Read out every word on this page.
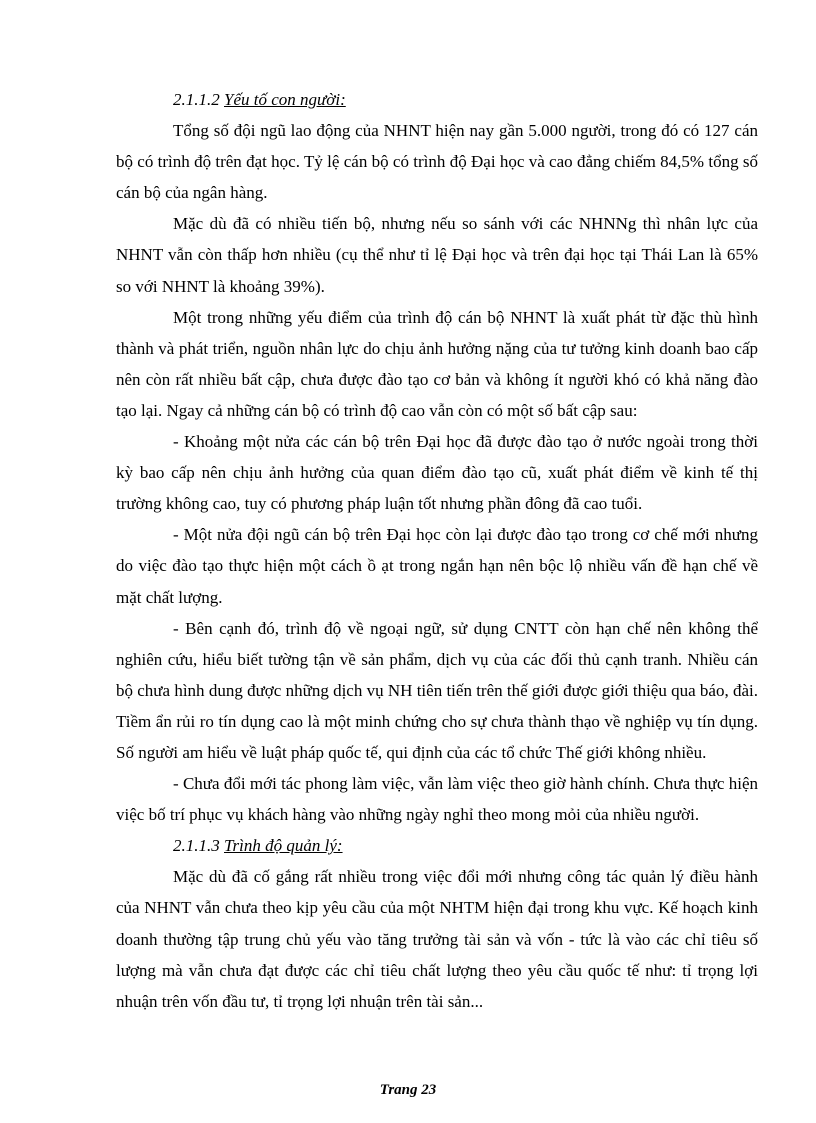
2.1.1.2 Yếu tố con người:

Tổng số đội ngũ lao động của NHNT hiện nay gần 5.000 người, trong đó có 127 cán bộ có trình độ trên đạt học. Tỷ lệ cán bộ có trình độ Đại học và cao đẳng chiếm 84,5% tổng số cán bộ của ngân hàng.

Mặc dù đã có nhiều tiến bộ, nhưng nếu so sánh với các NHNNg thì nhân lực của NHNT vẫn còn thấp hơn nhiều (cụ thể như tỉ lệ Đại học và trên đại học tại Thái Lan là 65% so với NHNT là khoảng 39%).

Một trong những yếu điểm của trình độ cán bộ NHNT là xuất phát từ đặc thù hình thành và phát triển, nguồn nhân lực do chịu ảnh hưởng nặng của tư tưởng kinh doanh bao cấp nên còn rất nhiều bất cập, chưa được đào tạo cơ bản và không ít người khó có khả năng đào tạo lại. Ngay cả những cán bộ có trình độ cao vẫn còn có một số bất cập sau:

- Khoảng một nửa các cán bộ trên Đại học đã được đào tạo ở nước ngoài trong thời kỳ bao cấp nên chịu ảnh hưởng của quan điểm đào tạo cũ, xuất phát điểm về kinh tế thị trường không cao, tuy có phương pháp luận tốt nhưng phần đông đã cao tuổi.

- Một nửa đội ngũ cán bộ trên Đại học còn lại được đào tạo trong cơ chế mới nhưng do việc đào tạo thực hiện một cách ồ ạt trong ngắn hạn nên bộc lộ nhiều vấn đề hạn chế về mặt chất lượng.

- Bên cạnh đó, trình độ về ngoại ngữ, sử dụng CNTT còn hạn chế nên không thể nghiên cứu, hiểu biết tường tận về sản phẩm, dịch vụ của các đối thủ cạnh tranh. Nhiều cán bộ chưa hình dung được những dịch vụ NH tiên tiến trên thế giới được giới thiệu qua báo, đài. Tiềm ẩn rủi ro tín dụng cao là một minh chứng cho sự chưa thành thạo về nghiệp vụ tín dụng. Số người am hiểu về luật pháp quốc tế, qui định của các tổ chức Thế giới không nhiều.

- Chưa đổi mới tác phong làm việc, vẫn làm việc theo giờ hành chính. Chưa thực hiện việc bố trí phục vụ khách hàng vào những ngày nghỉ theo mong mỏi của nhiều người.

2.1.1.3 Trình độ quản lý:

Mặc dù đã cố gắng rất nhiều trong việc đổi mới nhưng công tác quản lý điều hành của NHNT vẫn chưa theo kịp yêu cầu của một NHTM hiện đại trong khu vực. Kế hoạch kinh doanh thường tập trung chủ yếu vào tăng trưởng tài sản và vốn - tức là vào các chỉ tiêu số lượng mà vẫn chưa đạt được các chỉ tiêu chất lượng theo yêu cầu quốc tế như: tỉ trọng lợi nhuận trên vốn đầu tư, tỉ trọng lợi nhuận trên tài sản...

Trang 23
